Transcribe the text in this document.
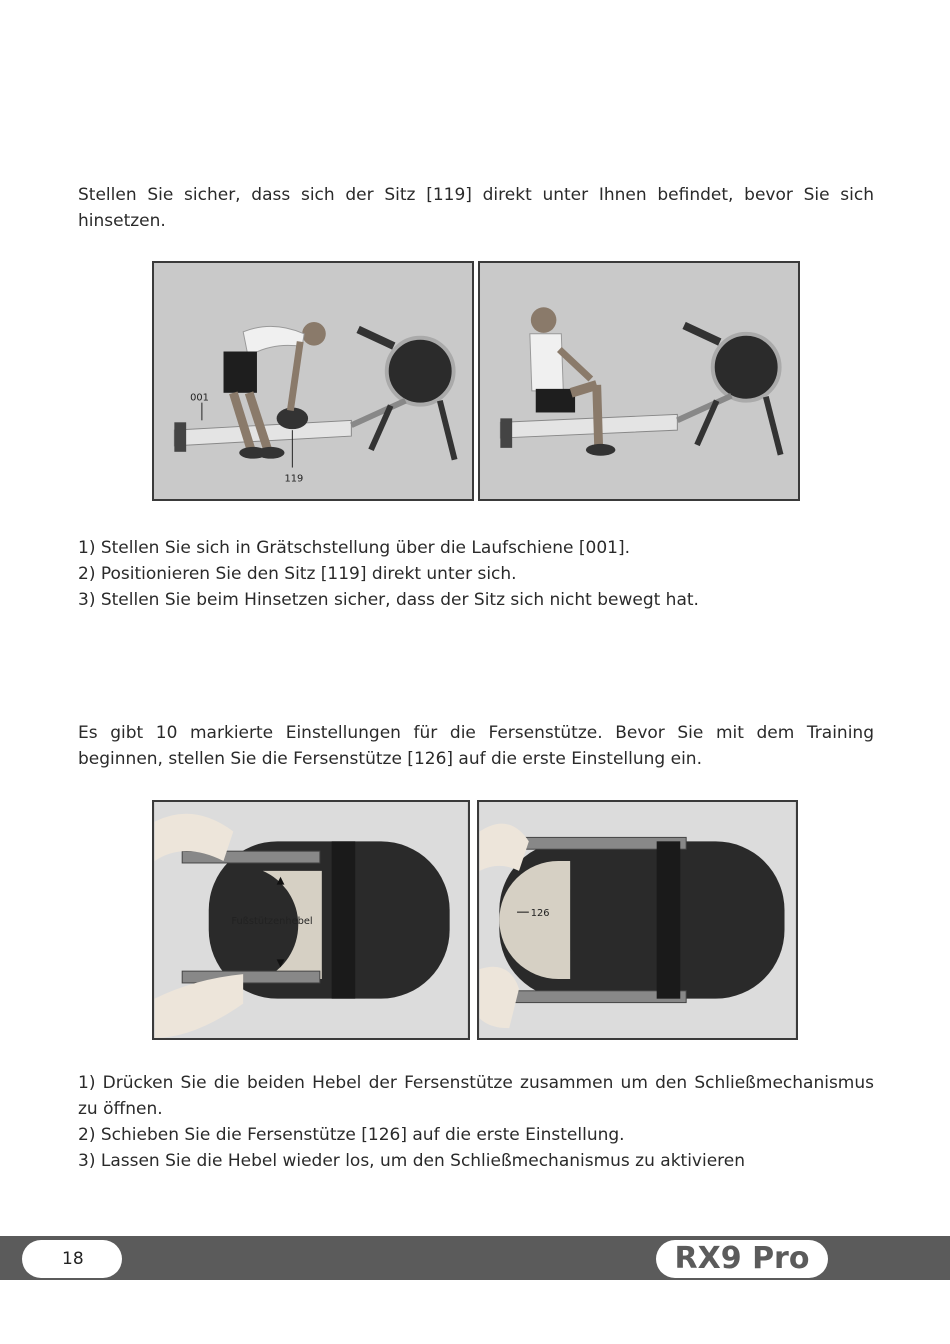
Stellen Sie sicher, dass sich der Sitz [119] direkt unter Ihnen befindet, bevor Sie sich hinsetzen.

001
119
1) Stellen Sie sich in Grätschstellung über die Laufschiene [001].
2) Positionieren Sie den Sitz [119] direkt unter sich.
3) Stellen Sie beim Hinsetzen sicher, dass der Sitz sich nicht bewegt hat.

Es gibt 10 markierte Einstellungen für die Fersenstütze. Bevor Sie mit dem Training beginnen, stellen Sie die Fersenstütze [126] auf die erste Einstellung ein.

Fußstützenhebel
126
1) Drücken Sie die beiden Hebel der Fersenstütze zusammen um den Schließmechanismus zu öffnen.
2) Schieben Sie die Fersenstütze [126] auf die erste Einstellung.
3) Lassen Sie die Hebel wieder los, um den Schließmechanismus zu aktivieren
18	RX9 Pro
